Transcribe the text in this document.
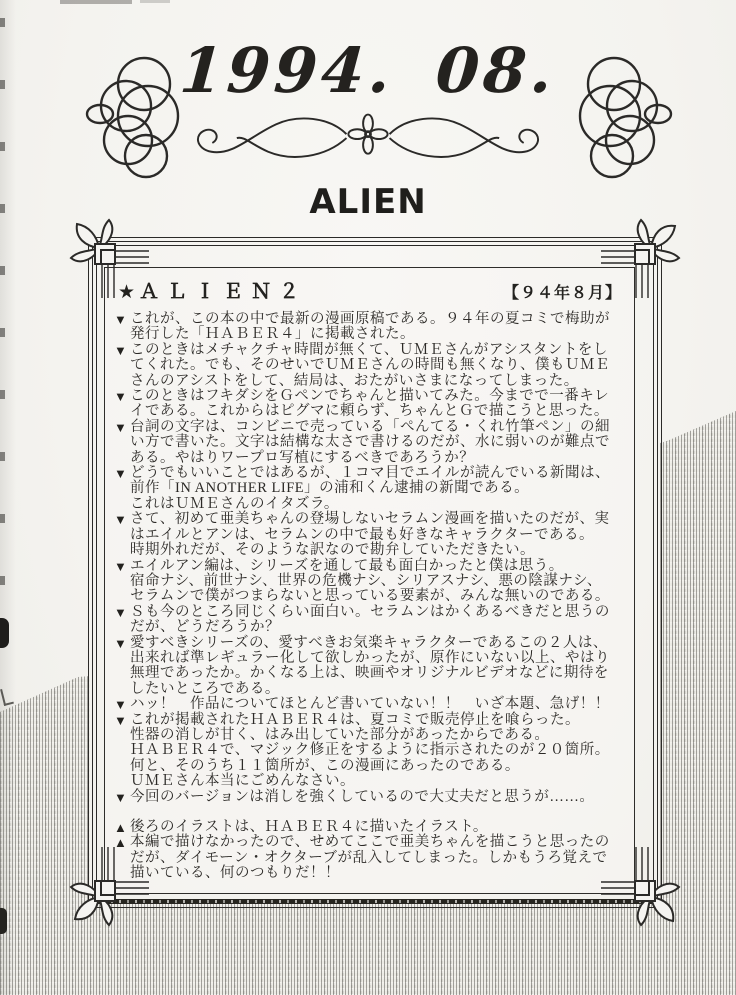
1994. 08.
ALIEN
★ ＡＬＩＥＮ２	【９４年８月】
▼ これが、この本の中で最新の漫画原稿である。９４年の夏コミで梅助が
発行した「ＨＡＢＥＲ４」に掲載された。
▼ このときはメチャクチャ時間が無くて、ＵＭＥさんがアシスタントをし
てくれた。でも、そのせいでＵＭＥさんの時間も無くなり、僕もＵＭＥ
さんのアシストをして、結局は、おたがいさまになってしまった。
▼ このときはフキダシをＧペンでちゃんと描いてみた。今までで一番キレ
イである。これからはピグマに頼らず、ちゃんとＧで描こうと思った。
▼ 台詞の文字は、コンビニで売っている「ぺんてる・くれ竹筆ペン」の細
い方で書いた。文字は結構な太さで書けるのだが、水に弱いのが難点で
ある。やはりワープロ写植にするべきであろうか？
▼ どうでもいいことではあるが、１コマ目でエイルが読んでいる新聞は、
前作「IN ANOTHER LIFE」の浦和くん逮捕の新聞である。
これはＵＭＥさんのイタズラ。
▼ さて、初めて亜美ちゃんの登場しないセラムン漫画を描いたのだが、実
はエイルとアンは、セラムンの中で最も好きなキャラクターである。
時期外れだが、そのような訳なので勘弁していただきたい。
▼ エイルアン編は、シリーズを通して最も面白かったと僕は思う。
宿命ナシ、前世ナシ、世界の危機ナシ、シリアスナシ、悪の陰謀ナシ、
セラムンで僕がつまらないと思っている要素が、みんな無いのである。
▼ Ｓも今のところ同じくらい面白い。セラムンはかくあるべきだと思うの
だが、どうだろうか？
▼ 愛すべきシリーズの、愛すべきお気楽キャラクターであるこの２人は、
出来れば準レギュラー化して欲しかったが、原作にいない以上、やはり
無理であったか。かくなる上は、映画やオリジナルビデオなどに期待を
したいところである。
▼ ハッ！　作品についてほとんど書いていない！！　いざ本題、急げ！！
▼ これが掲載されたＨＡＢＥＲ４は、夏コミで販売停止を喰らった。
性器の消しが甘く、はみ出していた部分があったからである。
ＨＡＢＥＲ４で、マジック修正をするように指示されたのが２０箇所。
何と、そのうち１１箇所が、この漫画にあったのである。
ＵＭＥさん本当にごめんなさい。
▼ 今回のバージョンは消しを強くしているので大丈夫だと思うが……。
▲ 後ろのイラストは、ＨＡＢＥＲ４に描いたイラスト。
▲ 本編で描けなかったので、せめてここで亜美ちゃんを描こうと思ったの
だが、ダイモーン・オクターブが乱入してしまった。しかもうろ覚えで
描いている、何のつもりだ！！
